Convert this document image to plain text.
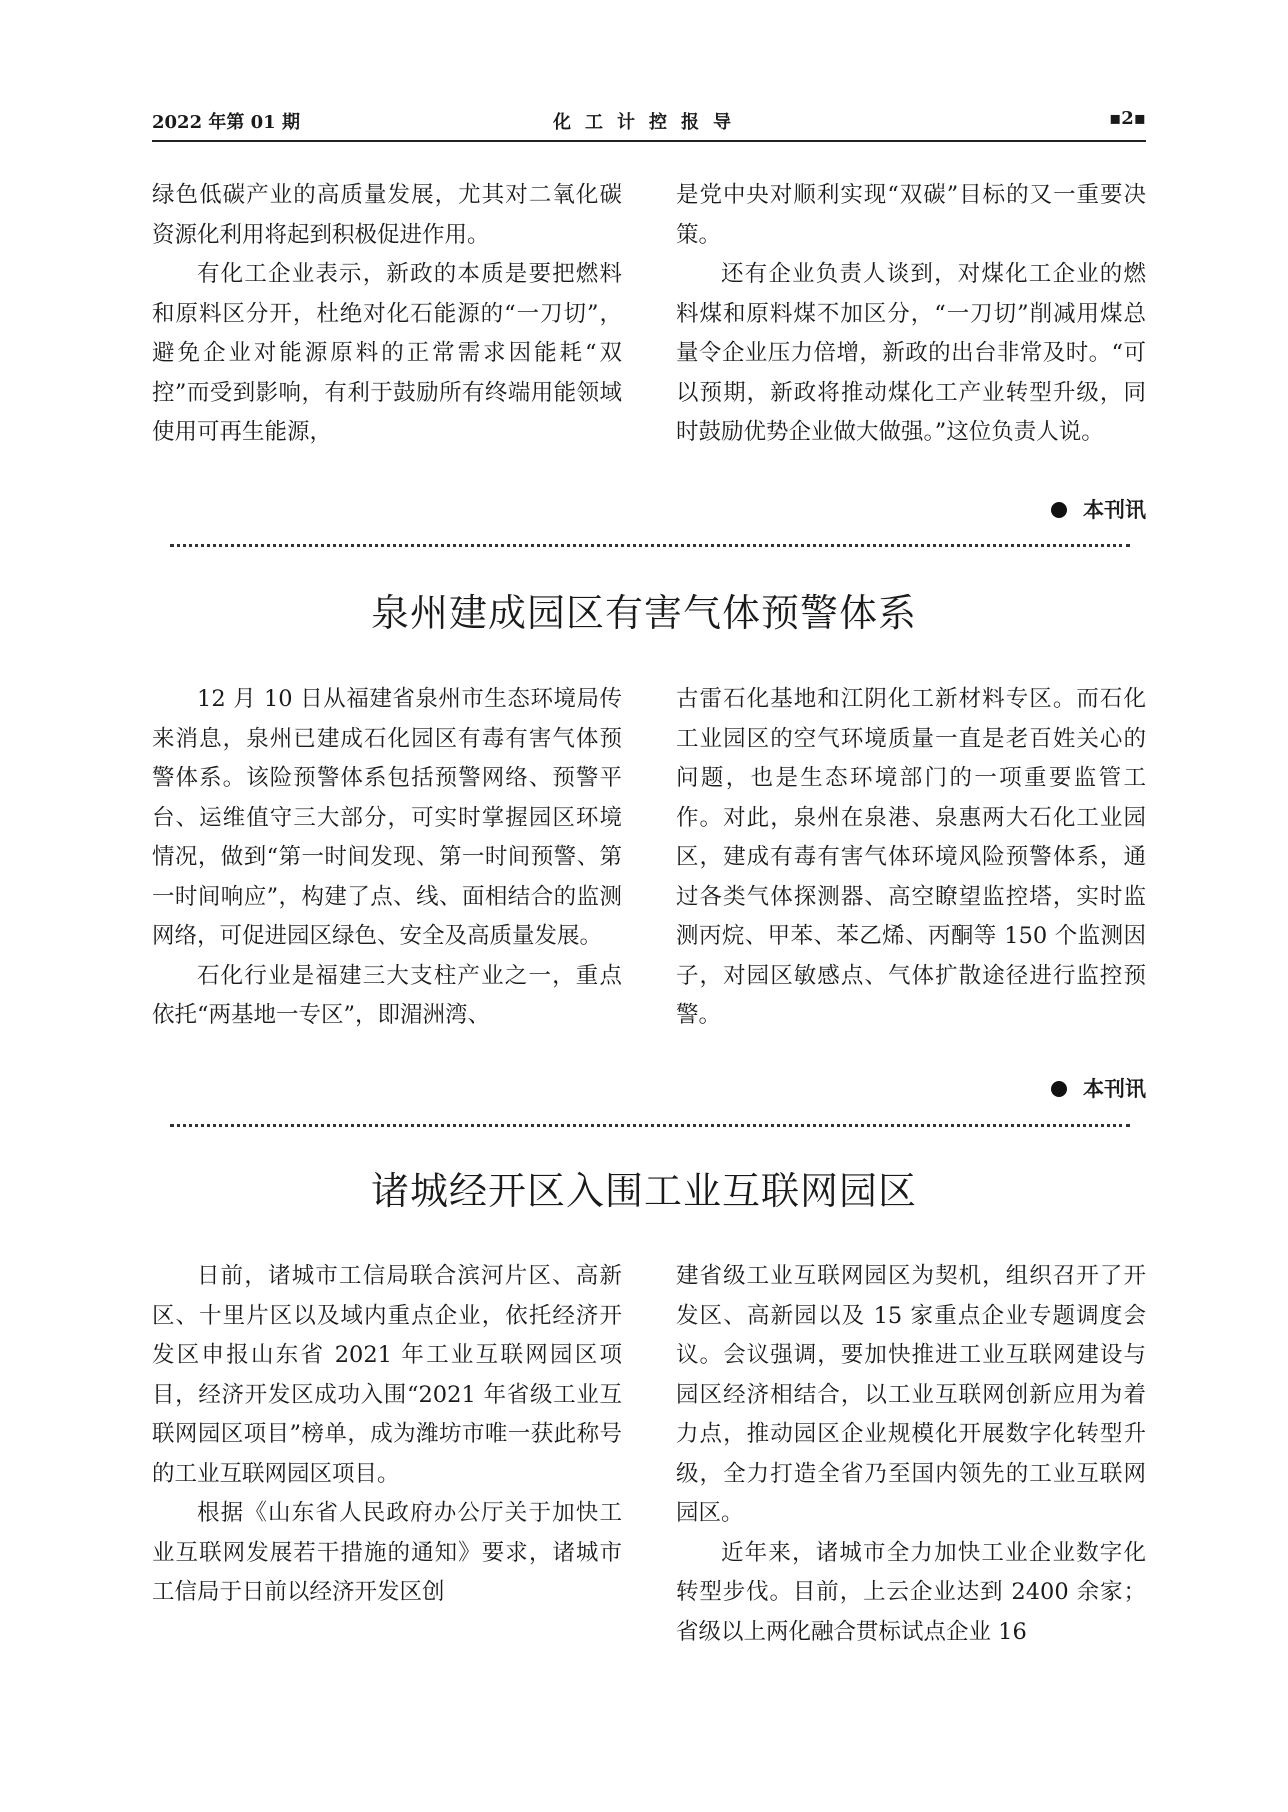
2022 年第 01 期	化工计控报导	▪2▪

绿色低碳产业的高质量发展，尤其对二氧化碳资源化利用将起到积极促进作用。

有化工企业表示，新政的本质是要把燃料和原料区分开，杜绝对化石能源的“一刀切”，避免企业对能源原料的正常需求因能耗“双控”而受到影响，有利于鼓励所有终端用能领域使用可再生能源，

是党中央对顺利实现“双碳”目标的又一重要决策。

还有企业负责人谈到，对煤化工企业的燃料煤和原料煤不加区分，“一刀切”削减用煤总量令企业压力倍增，新政的出台非常及时。“可以预期，新政将推动煤化工产业转型升级，同时鼓励优势企业做大做强。”这位负责人说。

本刊讯
泉州建成园区有害气体预警体系

12 月 10 日从福建省泉州市生态环境局传来消息，泉州已建成石化园区有毒有害气体预警体系。该险预警体系包括预警网络、预警平台、运维值守三大部分，可实时掌握园区环境情况，做到“第一时间发现、第一时间预警、第一时间响应”，构建了点、线、面相结合的监测网络，可促进园区绿色、安全及高质量发展。

石化行业是福建三大支柱产业之一，重点依托“两基地一专区”，即湄洲湾、

古雷石化基地和江阴化工新材料专区。而石化工业园区的空气环境质量一直是老百姓关心的问题，也是生态环境部门的一项重要监管工作。对此，泉州在泉港、泉惠两大石化工业园区，建成有毒有害气体环境风险预警体系，通过各类气体探测器、高空瞭望监控塔，实时监测丙烷、甲苯、苯乙烯、丙酮等 150 个监测因子，对园区敏感点、气体扩散途径进行监控预警。

本刊讯
诸城经开区入围工业互联网园区

日前，诸城市工信局联合滨河片区、高新区、十里片区以及域内重点企业，依托经济开发区申报山东省 2021 年工业互联网园区项目，经济开发区成功入围“2021 年省级工业互联网园区项目”榜单，成为潍坊市唯一获此称号的工业互联网园区项目。

根据《山东省人民政府办公厅关于加快工业互联网发展若干措施的通知》要求，诸城市工信局于日前以经济开发区创

建省级工业互联网园区为契机，组织召开了开发区、高新园以及 15 家重点企业专题调度会议。会议强调，要加快推进工业互联网建设与园区经济相结合，以工业互联网创新应用为着力点，推动园区企业规模化开展数字化转型升级，全力打造全省乃至国内领先的工业互联网园区。

近年来，诸城市全力加快工业企业数字化转型步伐。目前，上云企业达到 2400 余家；省级以上两化融合贯标试点企业 16
